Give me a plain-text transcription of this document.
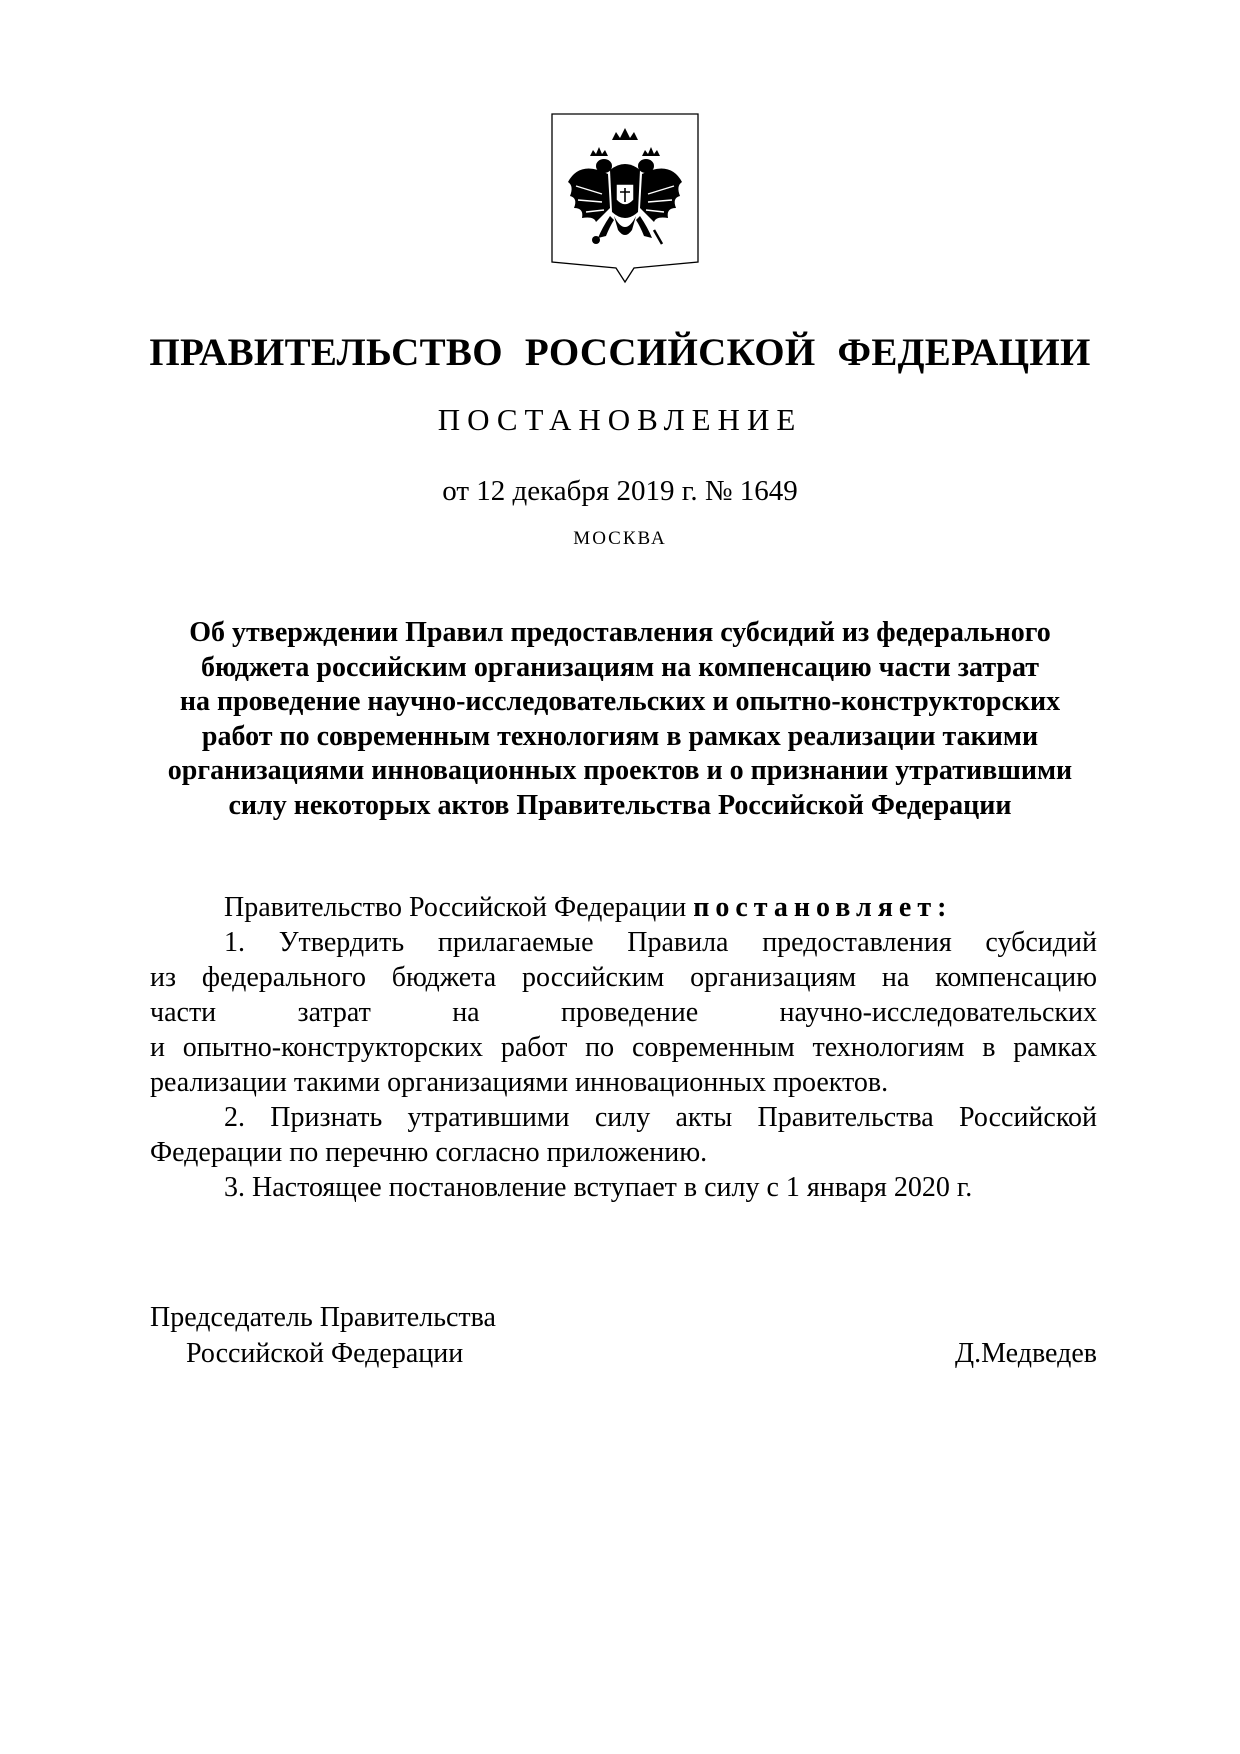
ПРАВИТЕЛЬСТВО РОССИЙСКОЙ ФЕДЕРАЦИИ
ПОСТАНОВЛЕНИЕ
от 12 декабря 2019 г. № 1649
МОСКВА
Об утверждении Правил предоставления субсидий из федерального
бюджета российским организациям на компенсацию части затрат
на проведение научно-исследовательских и опытно-конструкторских
работ по современным технологиям в рамках реализации такими
организациями инновационных проектов и о признании утратившими
силу некоторых актов Правительства Российской Федерации
Правительство Российской Федерации постановляет:
1. Утвердить прилагаемые Правила предоставления субсидий
из федерального бюджета российским организациям на компенсацию
части затрат на проведение научно-исследовательских
и опытно-конструкторских работ по современным технологиям в рамках
реализации такими организациями инновационных проектов.
2. Признать утратившими силу акты Правительства Российской
Федерации по перечню согласно приложению.
3. Настоящее постановление вступает в силу с 1 января 2020 г.
Председатель Правительства
Российской Федерации	Д.Медведев
